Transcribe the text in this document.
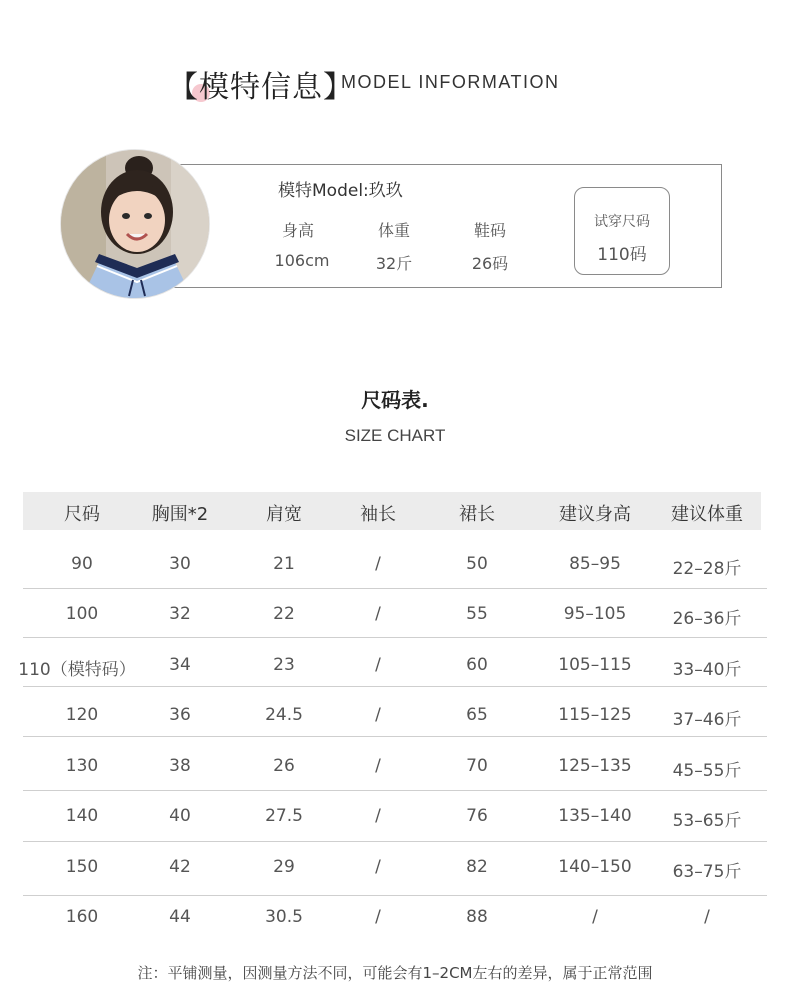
【模特信息】
MODEL INFORMATION
模特Model:玖玖
身高	体重	鞋码
106cm	32斤	26码
试穿尺码
110码
尺码表.
SIZE CHART
尺码	胸围*2	肩宽	袖长	裙长	建议身高 建议体重
90	30	21	/	50	85–95	22–28斤
100	32	22	/	55	95–105	26–36斤
110（模特码） 34	23	/	60	105–115 33–40斤
120	36	24.5	/	65	115–125 37–46斤
130	38	26	/	70	125–135 45–55斤
140	40	27.5	/	76	135–140 53–65斤
150	42	29	/	82	140–150 63–75斤
160	44	30.5	/	88	/	/
注：平铺测量，因测量方法不同，可能会有1–2CM左右的差异，属于正常范围
